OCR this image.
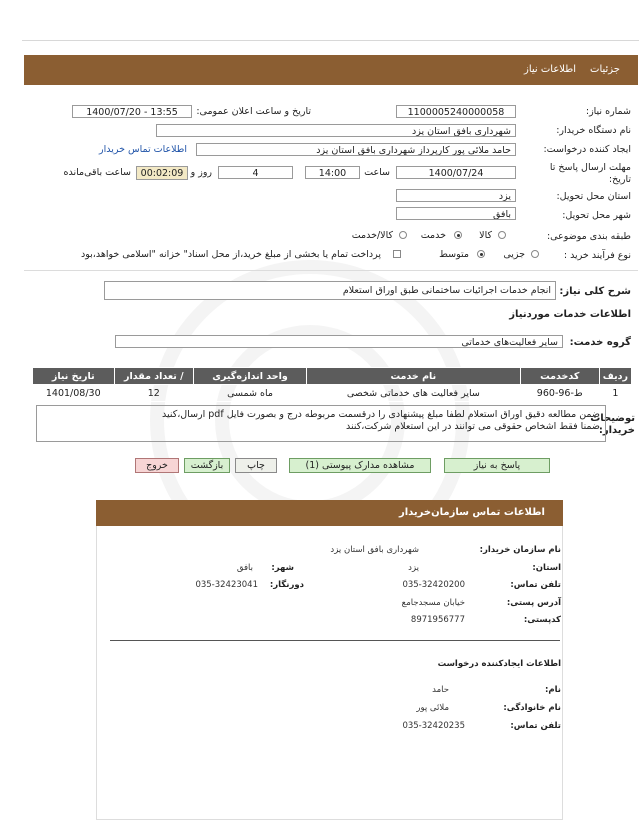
جزئیات
اطلاعات نیاز
شماره نیاز:
1100005240000058
تاریخ و ساعت اعلان عمومی:
1400/07/20 - 13:55
نام دستگاه خریدار:
شهرداری بافق استان یزد
ایجاد کننده درخواست:
حامد ملائی پور کارپرداز شهرداری بافق استان یزد
اطلاعات تماس خریدار
مهلت ارسال پاسخ تا تاریخ:
1400/07/24
ساعت
14:00
4
روز و
00:02:09
ساعت باقی‌مانده
استان محل تحویل:
یزد
شهر محل تحویل:
بافق
طبقه بندی موضوعی:
کالا
خدمت
کالا/خدمت
نوع فرآیند خرید :
جزیی
متوسط
پرداخت تمام یا بخشی از مبلغ خرید،از محل اسناد" خزانه "اسلامی خواهد،بود
شرح کلی نیاز:
انجام خدمات اجرائیات ساختمانی طبق اوراق استعلام
اطلاعات خدمات موردنیاز
گروه خدمت:
سایر فعالیت‌های خدماتی
ردیف	کدخدمت	نام خدمت	واحد اندازه‌گیری	/ تعداد مقدار	تاریخ نیاز
1	ط-96-960	سایر فعالیت های خدماتی شخصی	ماه شمسی	12	1401/08/30
توضیحات خریدار:
ضمن مطالعه دقیق اوراق استعلام لطفا مبلغ پیشنهادی را درقسمت مربوطه درج و بصورت فایل pdf ارسال،کنید
ضمنا فقط اشخاص حقوقی می توانند در این استعلام شرکت،کنند
پاسخ به نیاز
مشاهده مدارک پیوستی (1)
چاپ
بازگشت
خروج
اطلاعات تماس سازمان‌خریدار
نام سازمان خریدار:
شهرداری بافق استان یزد
استان:
یزد
شهر:
بافق
تلفن تماس:
035-32420200
دورنگار:
035-32423041
آدرس پستی:
خیابان مسجدجامع
کدپستی:
8971956777
اطلاعات ایجادکننده درخواست
نام:
حامد
نام خانوادگی:
ملائی پور
تلفن تماس:
035-32420235
